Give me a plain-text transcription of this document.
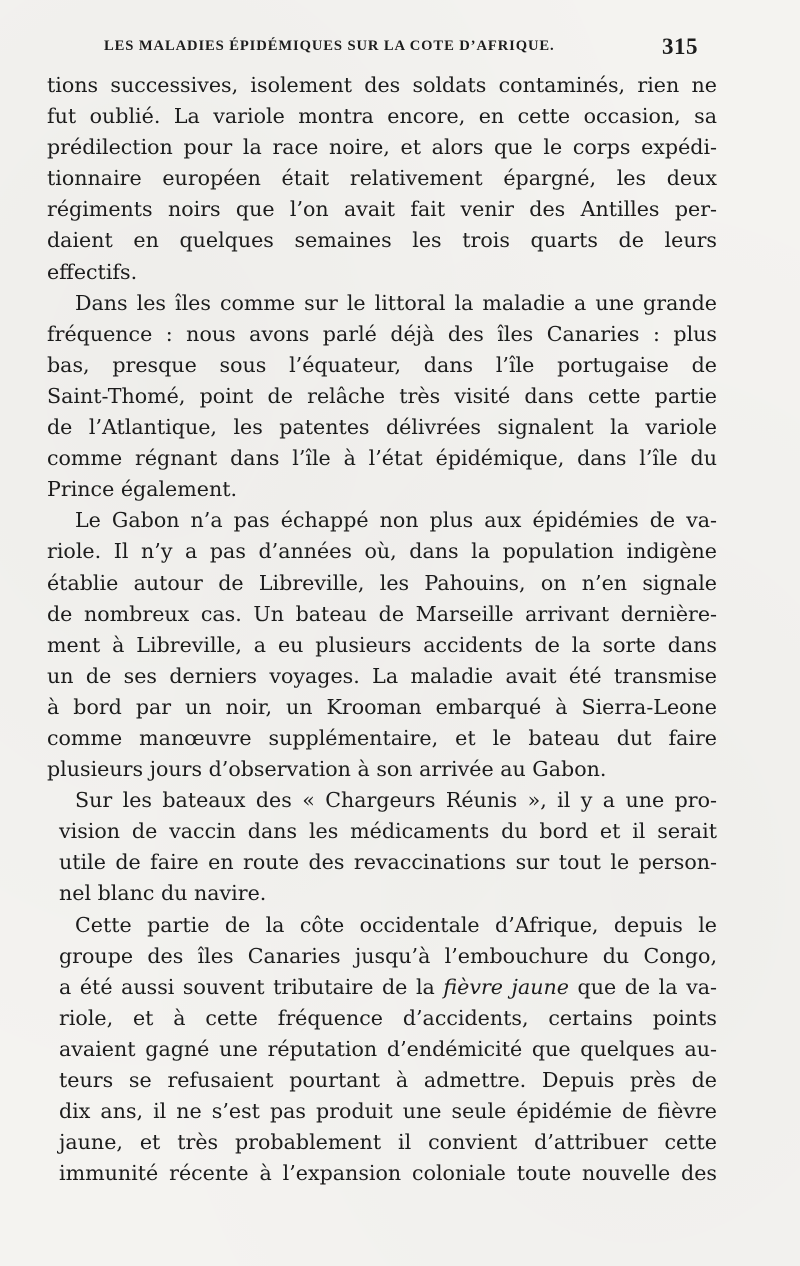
LES MALADIES ÉPIDÉMIQUES SUR LA COTE D’AFRIQUE.	315
tions successives, isolement des soldats contaminés, rien ne
fut oublié. La variole montra encore, en cette occasion, sa
prédilection pour la race noire, et alors que le corps expédi-
tionnaire européen était relativement épargné, les deux
régiments noirs que l’on avait fait venir des Antilles per-
daient en quelques semaines les trois quarts de leurs
effectifs.
Dans les îles comme sur le littoral la maladie a une grande
fréquence : nous avons parlé déjà des îles Canaries : plus
bas, presque sous l’équateur, dans l’île portugaise de
Saint-Thomé, point de relâche très visité dans cette partie
de l’Atlantique, les patentes délivrées signalent la variole
comme régnant dans l’île à l’état épidémique, dans l’île du
Prince également.
Le Gabon n’a pas échappé non plus aux épidémies de va-
riole. Il n’y a pas d’années où, dans la population indigène
établie autour de Libreville, les Pahouins, on n’en signale
de nombreux cas. Un bateau de Marseille arrivant dernière-
ment à Libreville, a eu plusieurs accidents de la sorte dans
un de ses derniers voyages. La maladie avait été transmise
à bord par un noir, un Krooman embarqué à Sierra-Leone
comme manœuvre supplémentaire, et le bateau dut faire
plusieurs jours d’observation à son arrivée au Gabon.
Sur les bateaux des « Chargeurs Réunis », il y a une pro-
vision de vaccin dans les médicaments du bord et il serait
utile de faire en route des revaccinations sur tout le person-
nel blanc du navire.
Cette partie de la côte occidentale d’Afrique, depuis le
groupe des îles Canaries jusqu’à l’embouchure du Congo,
a été aussi souvent tributaire de la fièvre jaune que de la va-
riole, et à cette fréquence d’accidents, certains points
avaient gagné une réputation d’endémicité que quelques au-
teurs se refusaient pourtant à admettre. Depuis près de
dix ans, il ne s’est pas produit une seule épidémie de fièvre
jaune, et très probablement il convient d’attribuer cette
immunité récente à l’expansion coloniale toute nouvelle des
